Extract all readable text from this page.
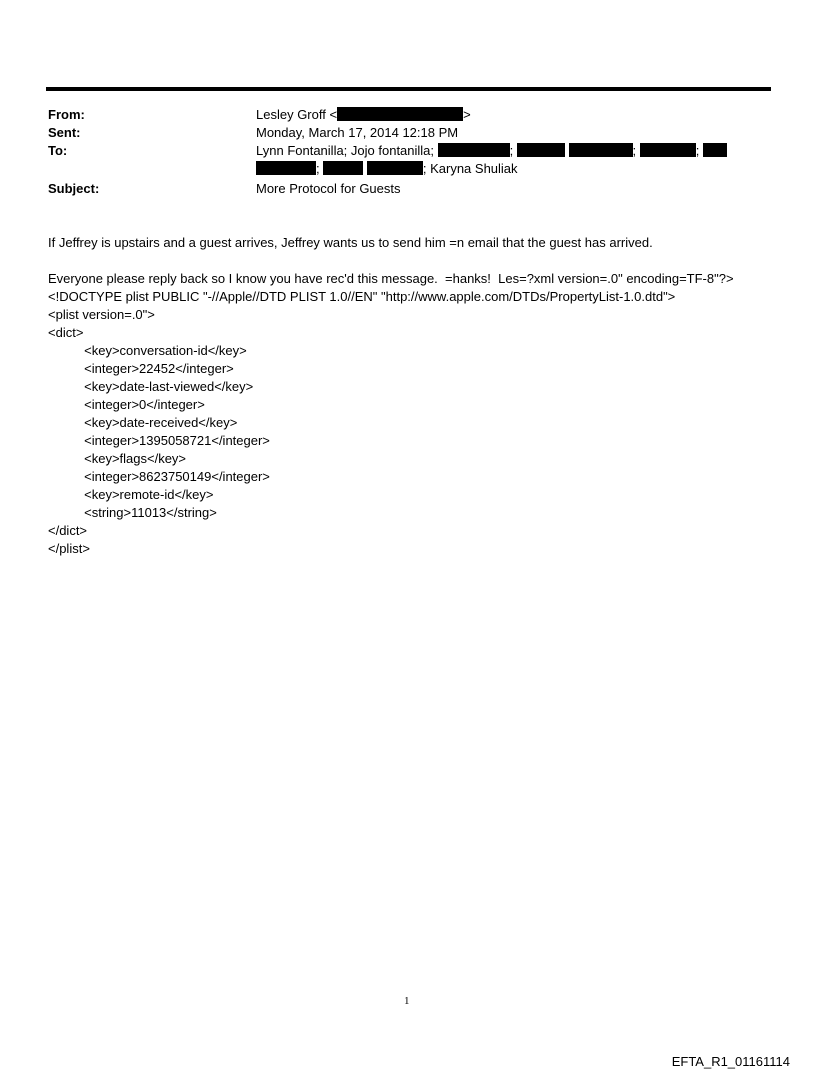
From:	Lesley Groff <	>
Sent:	Monday, March 17, 2014 12:18 PM
To:	Lynn Fontanilla; Jojo fontanilla;	;	;	;
;	; Karyna Shuliak
Subject:	More Protocol for Guests
If Jeffrey is upstairs and a guest arrives, Jeffrey wants us to send him =n email that the guest has arrived.
Everyone please reply back so I know you have rec'd this message.  =hanks!  Les=?xml version=.0" encoding=TF-8"?>
<!DOCTYPE plist PUBLIC "-//Apple//DTD PLIST 1.0//EN" "http://www.apple.com/DTDs/PropertyList-1.0.dtd">
<plist version=.0">
<dict>
<key>conversation-id</key>
<integer>22452</integer>
<key>date-last-viewed</key>
<integer>0</integer>
<key>date-received</key>
<integer>1395058721</integer>
<key>flags</key>
<integer>8623750149</integer>
<key>remote-id</key>
<string>11013</string>
</dict>
</plist>
1
EFTA_R1_01161114
